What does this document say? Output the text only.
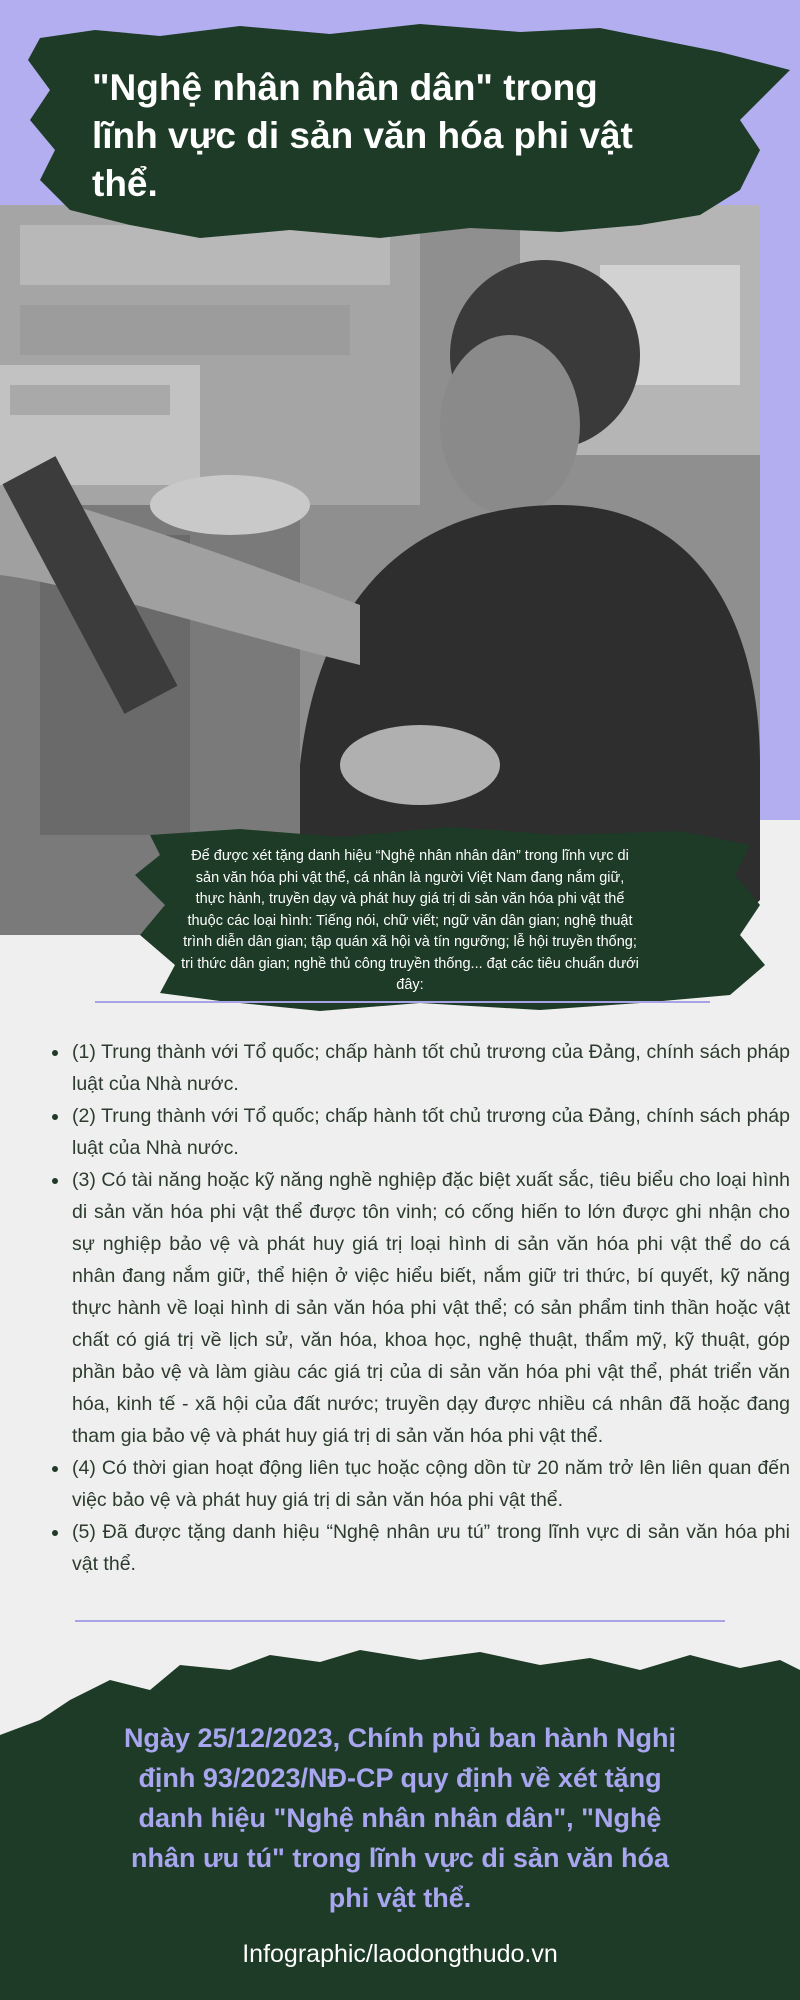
"Nghệ nhân nhân dân" trong lĩnh vực di sản văn hóa phi vật thể.

Để được xét tặng danh hiệu “Nghệ nhân nhân dân” trong lĩnh vực di sản văn hóa phi vật thể, cá nhân là người Việt Nam đang nắm giữ, thực hành, truyền dạy và phát huy giá trị di sản văn hóa phi vật thể thuộc các loại hình: Tiếng nói, chữ viết; ngữ văn dân gian; nghệ thuật trình diễn dân gian; tập quán xã hội và tín ngưỡng; lễ hội truyền thống; tri thức dân gian; nghề thủ công truyền thống... đạt các tiêu chuẩn dưới đây:

• (1) Trung thành với Tổ quốc; chấp hành tốt chủ trương của Đảng, chính sách pháp luật của Nhà nước.
• (2) Trung thành với Tổ quốc; chấp hành tốt chủ trương của Đảng, chính sách pháp luật của Nhà nước.
• (3) Có tài năng hoặc kỹ năng nghề nghiệp đặc biệt xuất sắc, tiêu biểu cho loại hình di sản văn hóa phi vật thể được tôn vinh; có cống hiến to lớn được ghi nhận cho sự nghiệp bảo vệ và phát huy giá trị loại hình di sản văn hóa phi vật thể do cá nhân đang nắm giữ, thể hiện ở việc hiểu biết, nắm giữ tri thức, bí quyết, kỹ năng thực hành về loại hình di sản văn hóa phi vật thể; có sản phẩm tinh thần hoặc vật chất có giá trị về lịch sử, văn hóa, khoa học, nghệ thuật, thẩm mỹ, kỹ thuật, góp phần bảo vệ và làm giàu các giá trị của di sản văn hóa phi vật thể, phát triển văn hóa, kinh tế - xã hội của đất nước; truyền dạy được nhiều cá nhân đã hoặc đang tham gia bảo vệ và phát huy giá trị di sản văn hóa phi vật thể.
• (4) Có thời gian hoạt động liên tục hoặc cộng dồn từ 20 năm trở lên liên quan đến việc bảo vệ và phát huy giá trị di sản văn hóa phi vật thể.
• (5) Đã được tặng danh hiệu “Nghệ nhân ưu tú” trong lĩnh vực di sản văn hóa phi vật thể.

Ngày 25/12/2023, Chính phủ ban hành Nghị định 93/2023/NĐ-CP quy định về xét tặng danh hiệu "Nghệ nhân nhân dân", "Nghệ nhân ưu tú" trong lĩnh vực di sản văn hóa phi vật thể.

Infographic/laodongthudo.vn
